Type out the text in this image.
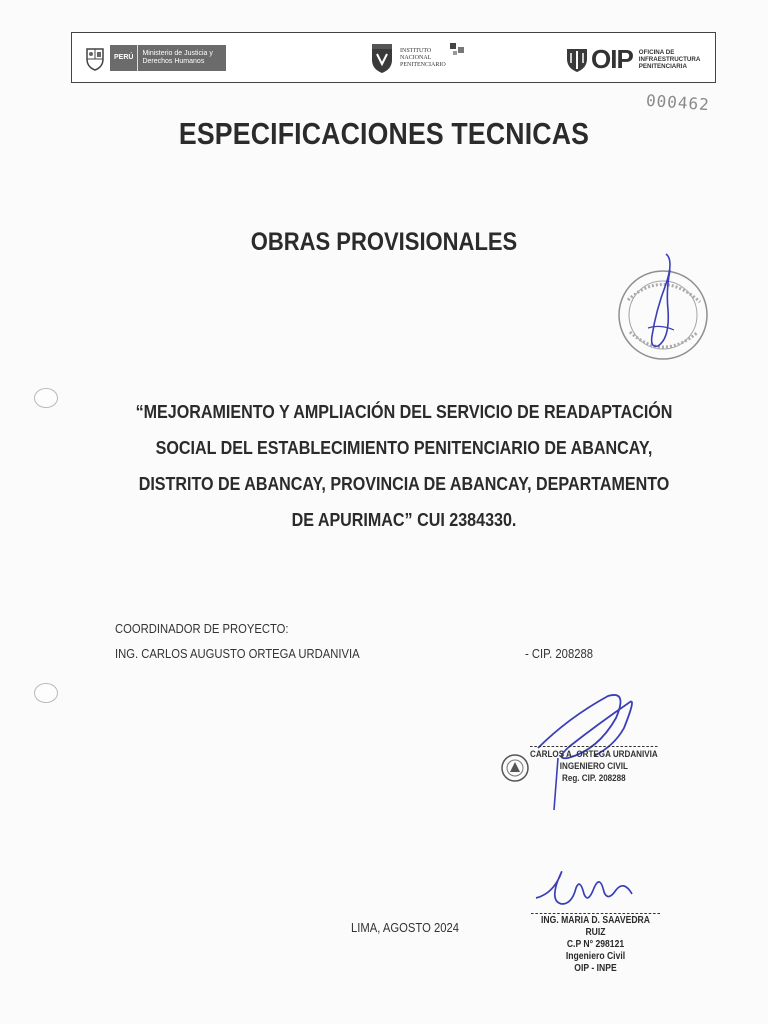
PERÚ
Ministerio de Justicia y Derechos Humanos
INSTITUTO
NACIONAL
PENITENCIARIO	OIP OFICINA DE
INFRAESTRUCTURA
PENITENCIARIA
000462
ESPECIFICACIONES TECNICAS
OBRAS PROVISIONALES

“MEJORAMIENTO Y AMPLIACIÓN DEL SERVICIO DE READAPTACIÓN SOCIAL DEL ESTABLECIMIENTO PENITENCIARIO DE ABANCAY, DISTRITO DE ABANCAY, PROVINCIA DE ABANCAY, DEPARTAMENTO DE APURIMAC” CUI 2384330.

COORDINADOR DE PROYECTO:
ING. CARLOS AUGUSTO ORTEGA URDANIVIA	- CIP. 208288
CARLOS A. ORTEGA URDANIVIA
INGENIERO CIVIL
Reg. CIP. 208288
ING. MARIA D. SAAVEDRA RUIZ
C.P N° 298121
Ingeniero Civil
OIP - INPE
LIMA, AGOSTO 2024
